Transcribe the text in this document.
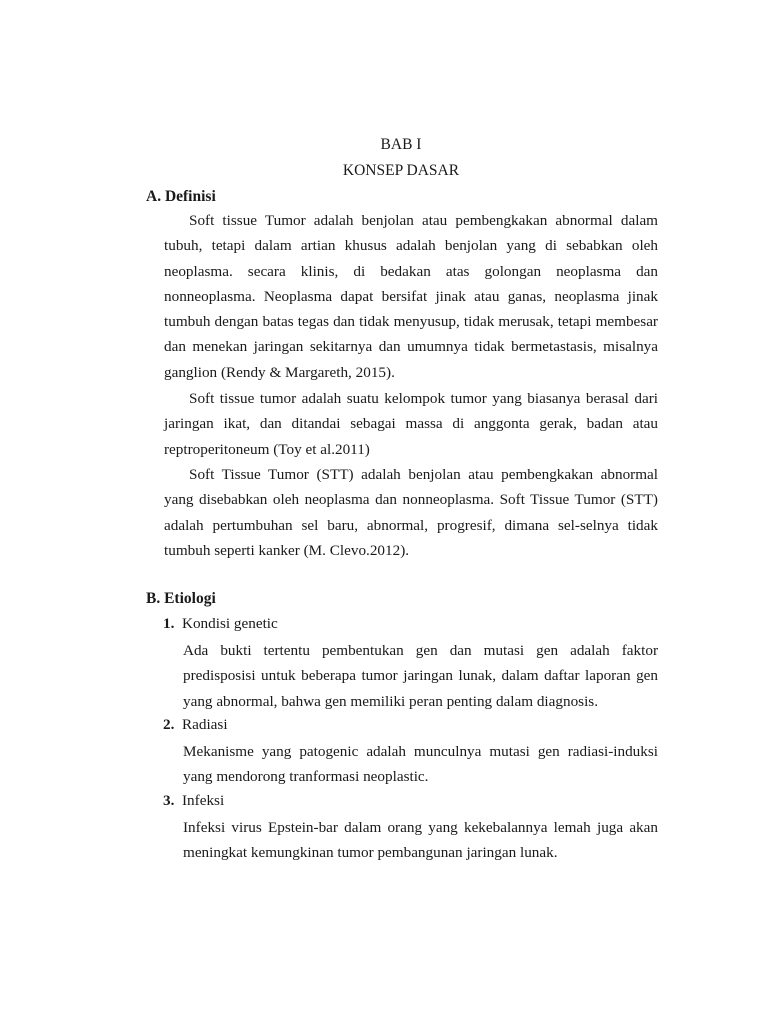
BAB I
KONSEP DASAR
A. Definisi

Soft tissue Tumor adalah benjolan atau pembengkakan abnormal dalam tubuh, tetapi dalam artian khusus adalah benjolan yang di sebabkan oleh neoplasma. secara klinis, di bedakan atas golongan neoplasma dan nonneoplasma. Neoplasma dapat bersifat jinak atau ganas, neoplasma jinak tumbuh dengan batas tegas dan tidak menyusup, tidak merusak, tetapi membesar dan menekan jaringan sekitarnya dan umumnya tidak bermetastasis, misalnya ganglion (Rendy & Margareth, 2015).

Soft tissue tumor adalah suatu kelompok tumor yang biasanya berasal dari jaringan ikat, dan ditandai sebagai massa di anggonta gerak, badan atau reptroperitoneum (Toy et al.2011)

Soft Tissue Tumor (STT) adalah benjolan atau pembengkakan abnormal yang disebabkan oleh neoplasma dan nonneoplasma. Soft Tissue Tumor (STT) adalah pertumbuhan sel baru, abnormal, progresif, dimana sel-selnya tidak tumbuh seperti kanker (M. Clevo.2012).

B. Etiologi
1. Kondisi genetic

Ada bukti tertentu pembentukan gen dan mutasi gen adalah faktor predisposisi untuk beberapa tumor jaringan lunak, dalam daftar laporan gen yang abnormal, bahwa gen memiliki peran penting dalam diagnosis.

2. Radiasi

Mekanisme yang patogenic adalah munculnya mutasi gen radiasi-induksi yang mendorong tranformasi neoplastic.

3. Infeksi

Infeksi virus Epstein-bar dalam orang yang kekebalannya lemah juga akan meningkat kemungkinan tumor pembangunan jaringan lunak.
